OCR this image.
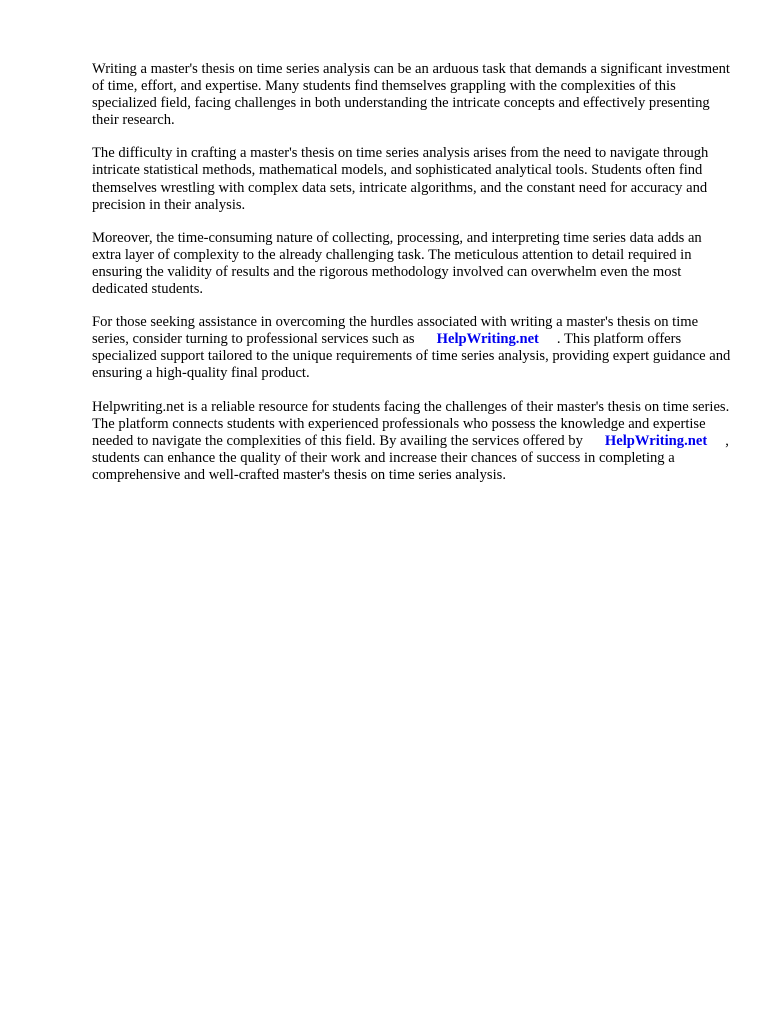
Writing a master's thesis on time series analysis can be an arduous task that demands a significant investment of time, effort, and expertise. Many students find themselves grappling with the complexities of this specialized field, facing challenges in both understanding the intricate concepts and effectively presenting their research.

The difficulty in crafting a master's thesis on time series analysis arises from the need to navigate through intricate statistical methods, mathematical models, and sophisticated analytical tools. Students often find themselves wrestling with complex data sets, intricate algorithms, and the constant need for accuracy and precision in their analysis.

Moreover, the time-consuming nature of collecting, processing, and interpreting time series data adds an extra layer of complexity to the already challenging task. The meticulous attention to detail required in ensuring the validity of results and the rigorous methodology involved can overwhelm even the most dedicated students.

For those seeking assistance in overcoming the hurdles associated with writing a master's thesis on time series, consider turning to professional services such as HelpWriting.net . This platform offers specialized support tailored to the unique requirements of time series analysis, providing expert guidance and ensuring a high-quality final product.

Helpwriting.net is a reliable resource for students facing the challenges of their master's thesis on time series. The platform connects students with experienced professionals who possess the knowledge and expertise needed to navigate the complexities of this field. By availing the services offered by HelpWriting.net , students can enhance the quality of their work and increase their chances of success in completing a comprehensive and well-crafted master's thesis on time series analysis.
